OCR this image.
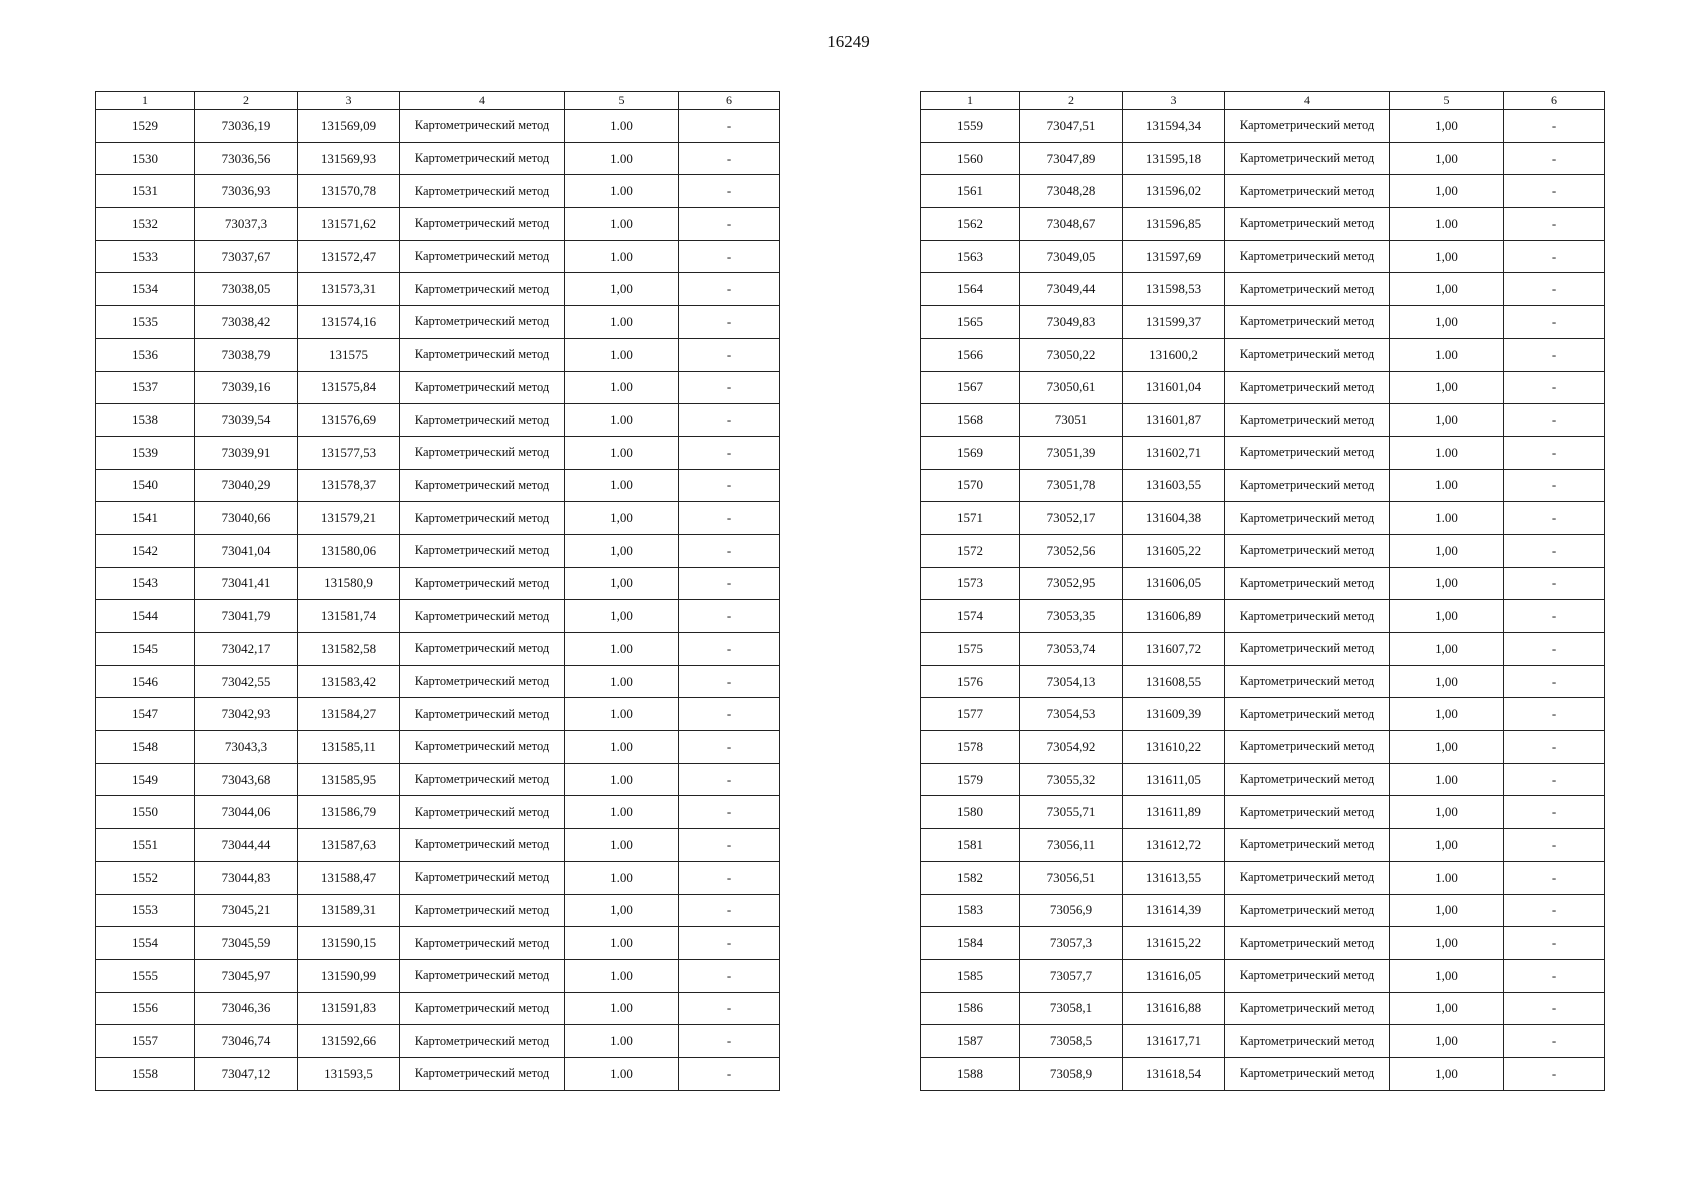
16249
1	2	3	4	5	6
1529	73036,19	131569,09	Картометрический метод	1.00	-
1530	73036,56	131569,93	Картометрический метод	1.00	-
1531	73036,93	131570,78	Картометрический метод	1.00	-
1532	73037,3	131571,62	Картометрический метод	1.00	-
1533	73037,67	131572,47	Картометрический метод	1.00	-
1534	73038,05	131573,31	Картометрический метод	1,00	-
1535	73038,42	131574,16	Картометрический метод	1.00	-
1536	73038,79	131575	Картометрический метод	1.00	-
1537	73039,16	131575,84	Картометрический метод	1.00	-
1538	73039,54	131576,69	Картометрический метод	1.00	-
1539	73039,91	131577,53	Картометрический метод	1.00	-
1540	73040,29	131578,37	Картометрический метод	1.00	-
1541	73040,66	131579,21	Картометрический метод	1,00	-
1542	73041,04	131580,06	Картометрический метод	1,00	-
1543	73041,41	131580,9	Картометрический метод	1,00	-
1544	73041,79	131581,74	Картометрический метод	1,00	-
1545	73042,17	131582,58	Картометрический метод	1.00	-
1546	73042,55	131583,42	Картометрический метод	1.00	-
1547	73042,93	131584,27	Картометрический метод	1.00	-
1548	73043,3	131585,11	Картометрический метод	1.00	-
1549	73043,68	131585,95	Картометрический метод	1.00	-
1550	73044,06	131586,79	Картометрический метод	1.00	-
1551	73044,44	131587,63	Картометрический метод	1.00	-
1552	73044,83	131588,47	Картометрический метод	1.00	-
1553	73045,21	131589,31	Картометрический метод	1,00	-
1554	73045,59	131590,15	Картометрический метод	1.00	-
1555	73045,97	131590,99	Картометрический метод	1.00	-
1556	73046,36	131591,83	Картометрический метод	1.00	-
1557	73046,74	131592,66	Картометрический метод	1.00	-
1558	73047,12	131593,5	Картометрический метод	1.00	-
1	2	3	4	5	6
1559	73047,51	131594,34	Картометрический метод	1,00	-
1560	73047,89	131595,18	Картометрический метод	1,00	-
1561	73048,28	131596,02	Картометрический метод	1,00	-
1562	73048,67	131596,85	Картометрический метод	1.00	-
1563	73049,05	131597,69	Картометрический метод	1,00	-
1564	73049,44	131598,53	Картометрический метод	1,00	-
1565	73049,83	131599,37	Картометрический метод	1,00	-
1566	73050,22	131600,2	Картометрический метод	1.00	-
1567	73050,61	131601,04	Картометрический метод	1,00	-
1568	73051	131601,87	Картометрический метод	1,00	-
1569	73051,39	131602,71	Картометрический метод	1.00	-
1570	73051,78	131603,55	Картометрический метод	1.00	-
1571	73052,17	131604,38	Картометрический метод	1.00	-
1572	73052,56	131605,22	Картометрический метод	1,00	-
1573	73052,95	131606,05	Картометрический метод	1,00	-
1574	73053,35	131606,89	Картометрический метод	1,00	-
1575	73053,74	131607,72	Картометрический метод	1,00	-
1576	73054,13	131608,55	Картометрический метод	1,00	-
1577	73054,53	131609,39	Картометрический метод	1,00	-
1578	73054,92	131610,22	Картометрический метод	1,00	-
1579	73055,32	131611,05	Картометрический метод	1.00	-
1580	73055,71	131611,89	Картометрический метод	1,00	-
1581	73056,11	131612,72	Картометрический метод	1,00	-
1582	73056,51	131613,55	Картометрический метод	1.00	-
1583	73056,9	131614,39	Картометрический метод	1,00	-
1584	73057,3	131615,22	Картометрический метод	1,00	-
1585	73057,7	131616,05	Картометрический метод	1,00	-
1586	73058,1	131616,88	Картометрический метод	1,00	-
1587	73058,5	131617,71	Картометрический метод	1,00	-
1588	73058,9	131618,54	Картометрический метод	1,00	-
